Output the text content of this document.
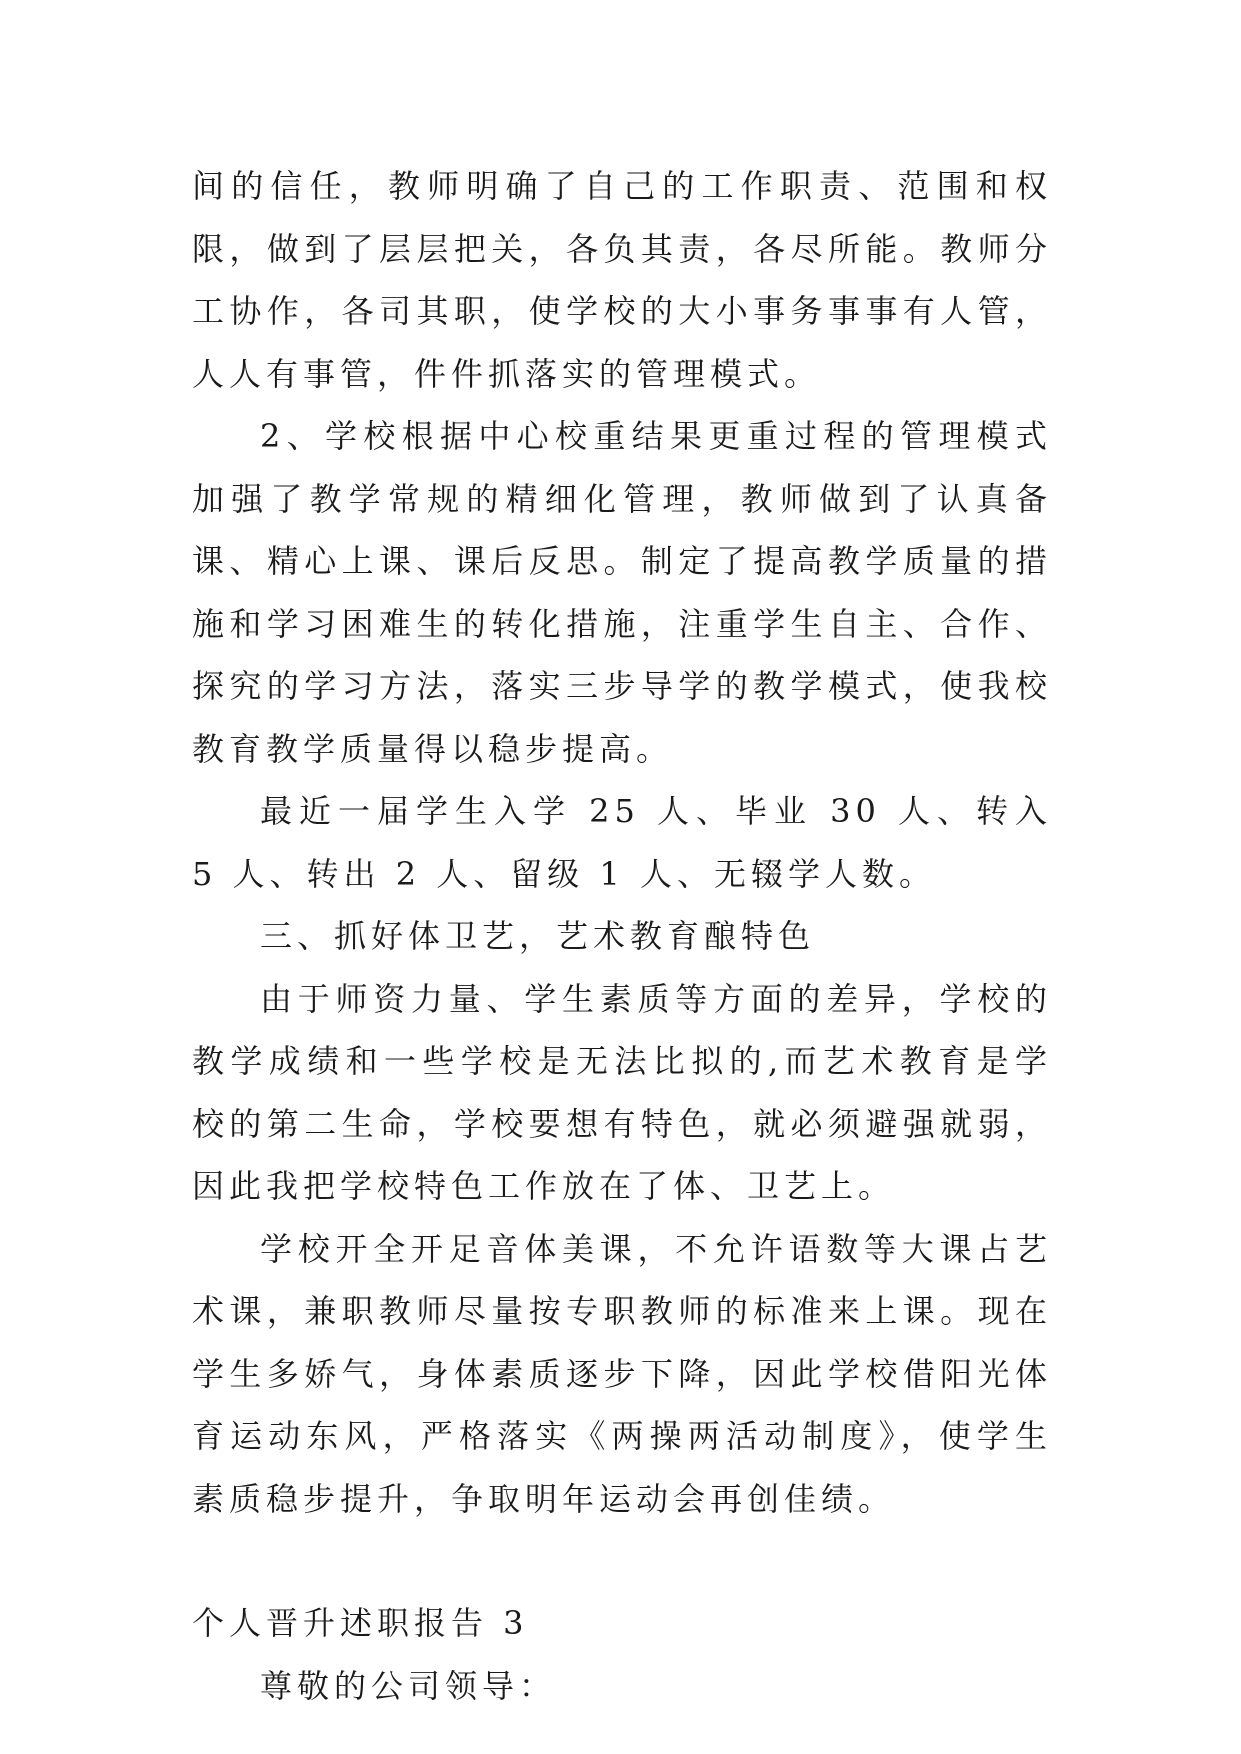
间的信任，教师明确了自己的工作职责、范围和权限，做到了层层把关，各负其责，各尽所能。教师分工协作，各司其职，使学校的大小事务事事有人管，人人有事管，件件抓落实的管理模式。

2、学校根据中心校重结果更重过程的管理模式加强了教学常规的精细化管理，教师做到了认真备课、精心上课、课后反思。制定了提高教学质量的措施和学习困难生的转化措施，注重学生自主、合作、探究的学习方法，落实三步导学的教学模式，使我校教育教学质量得以稳步提高。

最近一届学生入学 25 人、毕业 30 人、转入 5 人、转出 2 人、留级 1 人、无辍学人数。

三、抓好体卫艺，艺术教育酿特色

由于师资力量、学生素质等方面的差异，学校的教学成绩和一些学校是无法比拟的,而艺术教育是学校的第二生命，学校要想有特色，就必须避强就弱，因此我把学校特色工作放在了体、卫艺上。

学校开全开足音体美课，不允许语数等大课占艺术课，兼职教师尽量按专职教师的标准来上课。现在学生多娇气，身体素质逐步下降，因此学校借阳光体育运动东风，严格落实《两操两活动制度》，使学生素质稳步提升，争取明年运动会再创佳绩。

个人晋升述职报告 3

尊敬的公司领导：
